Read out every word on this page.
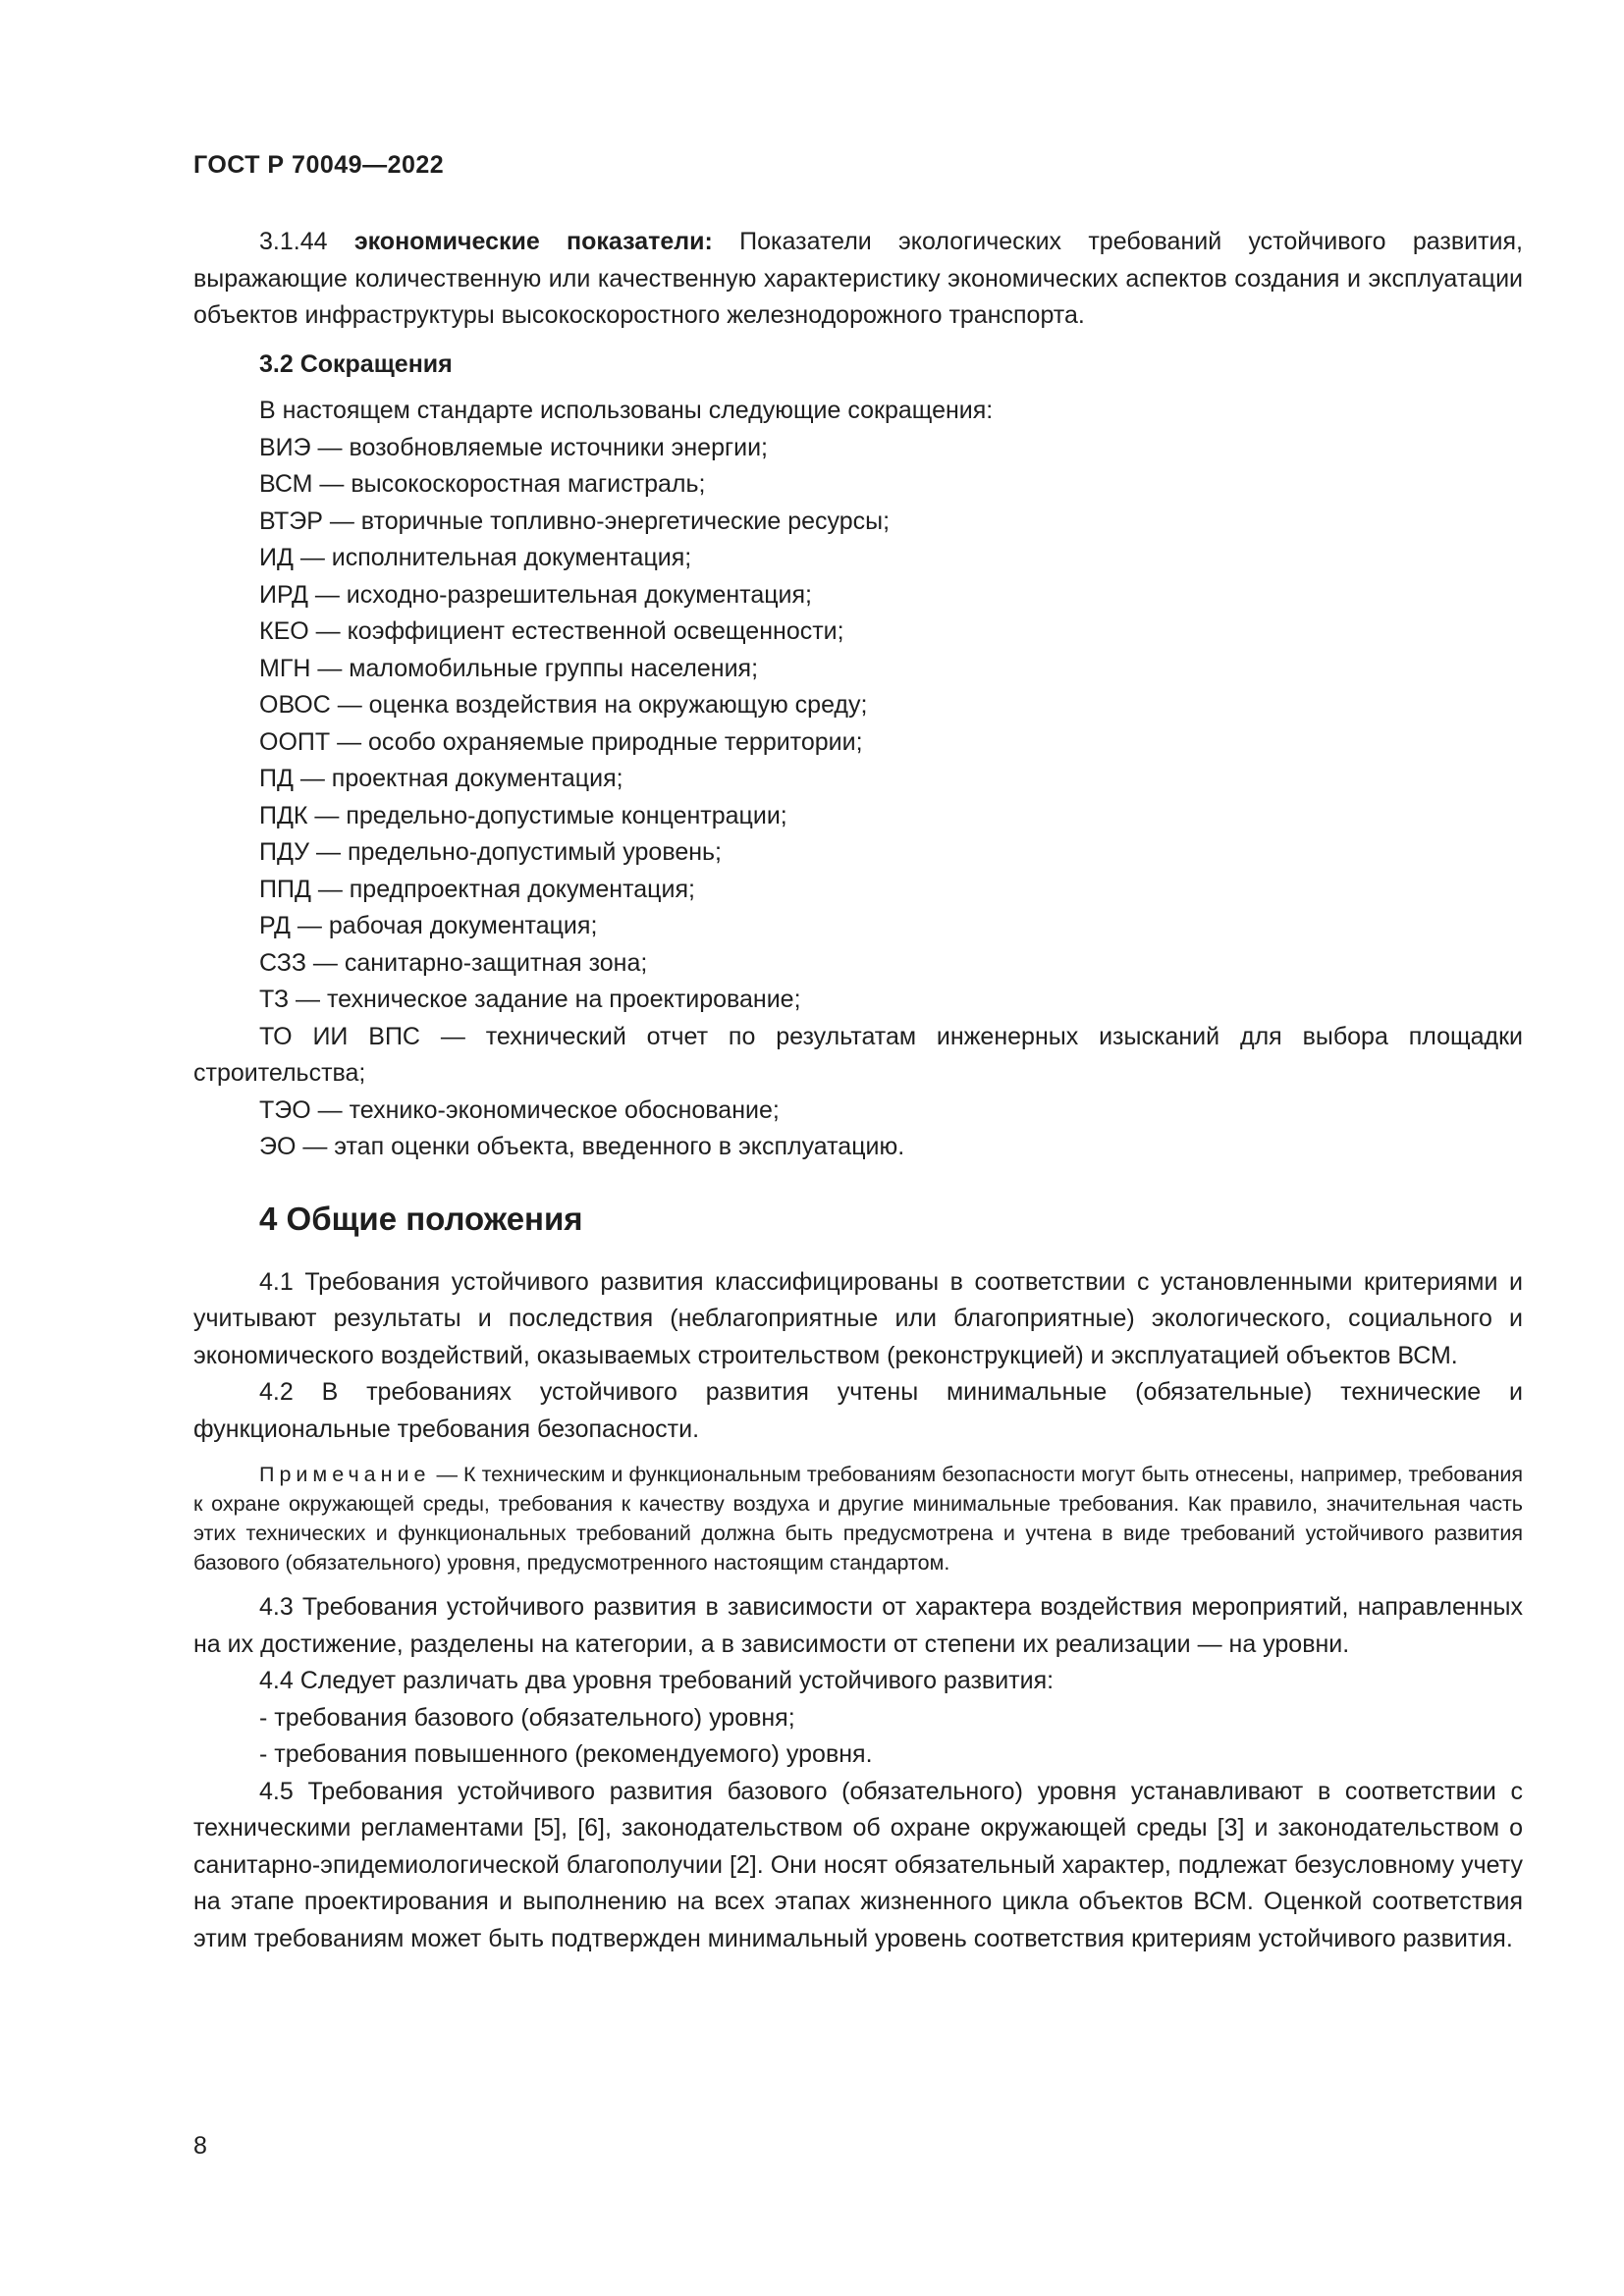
ГОСТ Р 70049—2022

3.1.44 экономические показатели: Показатели экологических требований устойчивого развития, выражающие количественную или качественную характеристику экономических аспектов создания и эксплуатации объектов инфраструктуры высокоскоростного железнодорожного транспорта.

3.2 Сокращения

В настоящем стандарте использованы следующие сокращения:

ВИЭ — возобновляемые источники энергии;
ВСМ — высокоскоростная магистраль;
ВТЭР — вторичные топливно-энергетические ресурсы;
ИД — исполнительная документация;
ИРД — исходно-разрешительная документация;
КЕО — коэффициент естественной освещенности;
МГН — маломобильные группы населения;
ОВОС — оценка воздействия на окружающую среду;
ООПТ — особо охраняемые природные территории;
ПД — проектная документация;
ПДК — предельно-допустимые концентрации;
ПДУ — предельно-допустимый уровень;
ППД — предпроектная документация;
РД — рабочая документация;
СЗЗ — санитарно-защитная зона;
ТЗ — техническое задание на проектирование;
ТО ИИ ВПС — технический отчет по результатам инженерных изысканий для выбора площадки строительства;
ТЭО — технико-экономическое обоснование;
ЭО — этап оценки объекта, введенного в эксплуатацию.

4 Общие положения

4.1 Требования устойчивого развития классифицированы в соответствии с установленными критериями и учитывают результаты и последствия (неблагоприятные или благоприятные) экологического, социального и экономического воздействий, оказываемых строительством (реконструкцией) и эксплуатацией объектов ВСМ.

4.2 В требованиях устойчивого развития учтены минимальные (обязательные) технические и функциональные требования безопасности.

Примечание — К техническим и функциональным требованиям безопасности могут быть отнесены, например, требования к охране окружающей среды, требования к качеству воздуха и другие минимальные требования. Как правило, значительная часть этих технических и функциональных требований должна быть предусмотрена и учтена в виде требований устойчивого развития базового (обязательного) уровня, предусмотренного настоящим стандартом.

4.3 Требования устойчивого развития в зависимости от характера воздействия мероприятий, направленных на их достижение, разделены на категории, а в зависимости от степени их реализации — на уровни.

4.4 Следует различать два уровня требований устойчивого развития:

- требования базового (обязательного) уровня;

- требования повышенного (рекомендуемого) уровня.

4.5 Требования устойчивого развития базового (обязательного) уровня устанавливают в соответствии с техническими регламентами [5], [6], законодательством об охране окружающей среды [3] и законодательством о санитарно-эпидемиологической благополучии [2]. Они носят обязательный характер, подлежат безусловному учету на этапе проектирования и выполнению на всех этапах жизненного цикла объектов ВСМ. Оценкой соответствия этим требованиям может быть подтвержден минимальный уровень соответствия критериям устойчивого развития.

8
